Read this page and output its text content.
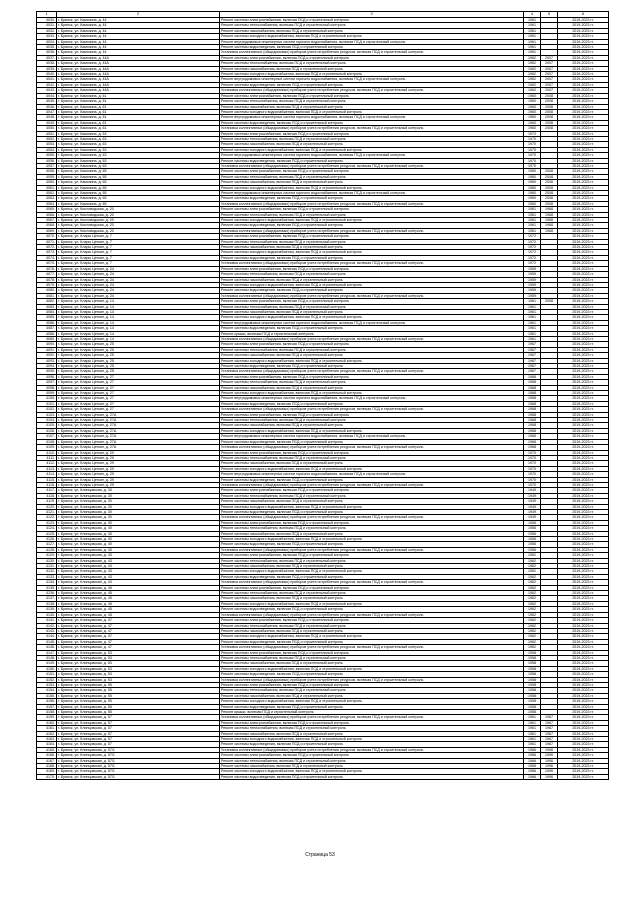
1	2	3	4	5	6
4030.	г. Брянск, ул. Камозина, д. 44	Ремонт системы электроснабжения, включая ПСД и строительный контроль	1961		2019-2023 гг.
4031.	г. Брянск, ул. Камозина, д. 44	Ремонт системы теплоснабжения, включая ПСД и строительный контроль	1961		2019-2023 гг.
4032.	г. Брянск, ул. Камозина, д. 44	Ремонт системы газоснабжения, включая ПСД и строительный контроль	1961		2019-2023 гг.
4033.	г. Брянск, ул. Камозина, д. 44	Ремонт системы холодного водоснабжения, включая ПСД и строительный контроль	1961		2019-2023 гг.
4034.	г. Брянск, ул. Камозина, д. 44	Ремонт внутридомовых инженерных систем горячего водоснабжения, включая ПСД и строительный контроль	1961		2019-2023 гг.
4035.	г. Брянск, ул. Камозина, д. 44	Ремонт системы водоотведения, включая ПСД и строительный контроль	1961		2019-2023 гг.
4036.	г. Брянск, ул. Камозина, д. 44	Установка коллективных (общедомовых) приборов учета потребления ресурсов, включая ПСД и строительный контроль	1961		2019-2023 гг.
4037.	г. Брянск, ул. Камозина, д. 44А	Ремонт системы электроснабжения, включая ПСД и строительный контроль	1962	2007	2019-2023 гг.
4038.	г. Брянск, ул. Камозина, д. 44А	Ремонт системы теплоснабжения, включая ПСД и строительный контроль	1962	2007	2019-2023 гг.
4039.	г. Брянск, ул. Камозина, д. 44А	Ремонт системы газоснабжения, включая ПСД и строительный контроль	1962	2007	2019-2023 гг.
4040.	г. Брянск, ул. Камозина, д. 44А	Ремонт системы холодного водоснабжения, включая ПСД и строительный контроль	1962	2007	2019-2023 гг.
4041.	г. Брянск, ул. Камозина, д. 44А	Ремонт внутридомовых инженерных систем горячего водоснабжения, включая ПСД и строительный контроль	1962	2007	2019-2023 гг.
4042.	г. Брянск, ул. Камозина, д. 44А	Ремонт системы водоотведения, включая ПСД и строительный контроль	1962	2007	2019-2023 гг.
4043.	г. Брянск, ул. Камозина, д. 44А	Установка коллективных (общедомовых) приборов учета потребления ресурсов, включая ПСД и строительный контроль	1962	2007	2019-2023 гг.
4044.	г. Брянск, ул. Камозина, д. 61	Ремонт системы электроснабжения, включая ПСД и строительный контроль	1960	2008	2019-2023 гг.
4045.	г. Брянск, ул. Камозина, д. 61	Ремонт системы теплоснабжения, включая ПСД и строительный контроль	1960	2008	2019-2023 гг.
4046.	г. Брянск, ул. Камозина, д. 61	Ремонт системы газоснабжения, включая ПСД и строительный контроль	1960	2008	2019-2023 гг.
4047.	г. Брянск, ул. Камозина, д. 61	Ремонт системы холодного водоснабжения, включая ПСД и строительный контроль	1960	2008	2019-2023 гг.
4048.	г. Брянск, ул. Камозина, д. 61	Ремонт внутридомовых инженерных систем горячего водоснабжения, включая ПСД и строительный контроль	1960	2008	2019-2023 гг.
4049.	г. Брянск, ул. Камозина, д. 61	Ремонт системы водоотведения, включая ПСД и строительный контроль	1960	2008	2019-2023 гг.
4050.	г. Брянск, ул. Камозина, д. 61	Установка коллективных (общедомовых) приборов учета потребления ресурсов, включая ПСД и строительный контроль	1960	2008	2019-2023 гг.
4051.	г. Брянск, ул. Камозина, д. 63	Ремонт системы электроснабжения, включая ПСД и строительный контроль	1970		2019-2023 гг.
4052.	г. Брянск, ул. Камозина, д. 63	Ремонт системы теплоснабжения, включая ПСД и строительный контроль	1970		2019-2023 гг.
4053.	г. Брянск, ул. Камозина, д. 63	Ремонт системы газоснабжения, включая ПСД и строительный контроль	1970		2019-2023 гг.
4054.	г. Брянск, ул. Камозина, д. 63	Ремонт системы холодного водоснабжения, включая ПСД и строительный контроль	1970		2019-2023 гг.
4055.	г. Брянск, ул. Камозина, д. 63	Ремонт внутридомовых инженерных систем горячего водоснабжения, включая ПСД и строительный контроль	1970		2019-2023 гг.
4056.	г. Брянск, ул. Камозина, д. 63	Ремонт системы водоотведения, включая ПСД и строительный контроль	1970		2019-2023 гг.
4057.	г. Брянск, ул. Камозина, д. 63	Установка коллективных (общедомовых) приборов учета потребления ресурсов, включая ПСД и строительный контроль	1970		2019-2023 гг.
4058.	г. Брянск, ул. Камозина, д. 65	Ремонт системы электроснабжения, включая ПСД и строительный контроль	1960	2008	2019-2023 гг.
4059.	г. Брянск, ул. Камозина, д. 65	Ремонт системы теплоснабжения, включая ПСД и строительный контроль	1960	2008	2019-2023 гг.
4060.	г. Брянск, ул. Камозина, д. 65	Ремонт системы газоснабжения, включая ПСД и строительный контроль	1960	2008	2019-2023 гг.
4061.	г. Брянск, ул. Камозина, д. 65	Ремонт системы холодного водоснабжения, включая ПСД и строительный контроль	1960	2008	2019-2023 гг.
4062.	г. Брянск, ул. Камозина, д. 65	Ремонт внутридомовых инженерных систем горячего водоснабжения, включая ПСД и строительный контроль	1960	2008	2019-2023 гг.
4063.	г. Брянск, ул. Камозина, д. 65	Ремонт системы водоотведения, включая ПСД и строительный контроль	1960	2008	2019-2023 гг.
4064.	г. Брянск, ул. Камозина, д. 65	Установка коллективных (общедомовых) приборов учета потребления ресурсов, включая ПСД и строительный контроль	1960	2008	2019-2023 гг.
4065.	г. Брянск, ул. Кисловодская, д. 20	Ремонт системы электроснабжения, включая ПСД и строительный контроль	1961	1968	2019-2023 гг.
4066.	г. Брянск, ул. Кисловодская, д. 20	Ремонт системы теплоснабжения, включая ПСД и строительный контроль	1961	1968	2019-2023 гг.
4067.	г. Брянск, ул. Кисловодская, д. 20	Ремонт системы холодного водоснабжения, включая ПСД и строительный контроль	1961	1968	2019-2023 гг.
4068.	г. Брянск, ул. Кисловодская, д. 20	Ремонт системы водоотведения, включая ПСД и строительный контроль	1961	1968	2019-2023 гг.
4069.	г. Брянск, ул. Кисловодская, д. 20	Установка коллективных (общедомовых) приборов учета потребления ресурсов, включая ПСД и строительный контроль	1961	1968	2019-2023 гг.
4070.	г. Брянск, ул. Клары Цеткин, д. 7	Ремонт системы электроснабжения, включая ПСД и строительный контроль	1972		2019-2023 гг.
4071.	г. Брянск, ул. Клары Цеткин, д. 7	Ремонт системы теплоснабжения, включая ПСД и строительный контроль	1972		2019-2023 гг.
4072.	г. Брянск, ул. Клары Цеткин, д. 7	Ремонт системы газоснабжения, включая ПСД и строительный контроль	1972		2019-2023 гг.
4073.	г. Брянск, ул. Клары Цеткин, д. 7	Ремонт системы холодного водоснабжения, включая ПСД и строительный контроль	1972		2019-2023 гг.
4074.	г. Брянск, ул. Клары Цеткин, д. 7	Ремонт системы водоотведения, включая ПСД и строительный контроль	1972		2019-2023 гг.
4075.	г. Брянск, ул. Клары Цеткин, д. 7	Установка коллективных (общедомовых) приборов учета потребления ресурсов, включая ПСД и строительный контроль	1972		2019-2023 гг.
4076.	г. Брянск, ул. Клары Цеткин, д. 24	Ремонт системы электроснабжения, включая ПСД и строительный контроль	1959		2019-2023 гг.
4077.	г. Брянск, ул. Клары Цеткин, д. 24	Ремонт системы теплоснабжения, включая ПСД и строительный контроль	1959		2019-2023 гг.
4078.	г. Брянск, ул. Клары Цеткин, д. 24	Ремонт системы газоснабжения, включая ПСД и строительный контроль	1959		2019-2023 гг.
4079.	г. Брянск, ул. Клары Цеткин, д. 24	Ремонт системы холодного водоснабжения, включая ПСД и строительный контроль	1959		2019-2023 гг.
4080.	г. Брянск, ул. Клары Цеткин, д. 24	Ремонт системы водоотведения, включая ПСД и строительный контроль	1959		2019-2023 гг.
4081.	г. Брянск, ул. Клары Цеткин, д. 24	Установка коллективных (общедомовых) приборов учета потребления ресурсов, включая ПСД и строительный контроль	1959		2019-2023 гг.
4082.	г. Брянск, ул. Клары Цеткин, д. 14	Ремонт системы электроснабжения, включая ПСД и строительный контроль	1961	2008	2019-2023 гг.
4083.	г. Брянск, ул. Клары Цеткин, д. 14	Ремонт системы теплоснабжения, включая ПСД и строительный контроль	1961		2019-2023 гг.
4084.	г. Брянск, ул. Клары Цеткин, д. 14	Ремонт системы газоснабжения, включая ПСД и строительный контроль	1961		2019-2023 гг.
4085.	г. Брянск, ул. Клары Цеткин, д. 14	Ремонт системы холодного водоснабжения, включая ПСД и строительный контроль	1961		2019-2023 гг.
4086.	г. Брянск, ул. Клары Цеткин, д. 14	Ремонт внутридомовых инженерных систем горячего водоснабжения, включая ПСД и строительный контроль	1961		2019-2023 гг.
4087.	г. Брянск, ул. Клары Цеткин, д. 14	Ремонт системы водоотведения, включая ПСД и строительный контроль	1961		2019-2023 гг.
4088.	г. Брянск, ул. Клары Цеткин, д. 14	Ремонт крыши, включая ПСД и строительный контроль	1961		2019-2023 гг.
4089.	г. Брянск, ул. Клары Цеткин, д. 14	Установка коллективных (общедомовых) приборов учета потребления ресурсов, включая ПСД и строительный контроль	1961		2019-2023 гг.
4090.	г. Брянск, ул. Клары Цеткин, д. 25	Ремонт системы электроснабжения, включая ПСД и строительный контроль	1967		2019-2023 гг.
4091.	г. Брянск, ул. Клары Цеткин, д. 25	Ремонт системы теплоснабжения, включая ПСД и строительный контроль	1967		2019-2023 гг.
4092.	г. Брянск, ул. Клары Цеткин, д. 25	Ремонт системы газоснабжения, включая ПСД и строительный контроль	1967		2019-2023 гг.
4093.	г. Брянск, ул. Клары Цеткин, д. 25	Ремонт системы холодного водоснабжения, включая ПСД и строительный контроль	1967		2019-2023 гг.
4094.	г. Брянск, ул. Клары Цеткин, д. 25	Ремонт системы водоотведения, включая ПСД и строительный контроль	1967		2019-2023 гг.
4095.	г. Брянск, ул. Клары Цеткин, д. 25	Установка коллективных (общедомовых) приборов учета потребления ресурсов, включая ПСД и строительный контроль	1967		2019-2023 гг.
4096.	г. Брянск, ул. Клары Цеткин, д. 27	Ремонт системы электроснабжения, включая ПСД и строительный контроль	1968		2019-2023 гг.
4097.	г. Брянск, ул. Клары Цеткин, д. 27	Ремонт системы теплоснабжения, включая ПСД и строительный контроль	1968		2019-2023 гг.
4098.	г. Брянск, ул. Клары Цеткин, д. 27	Ремонт системы газоснабжения, включая ПСД и строительный контроль	1968		2019-2023 гг.
4099.	г. Брянск, ул. Клары Цеткин, д. 27	Ремонт системы холодного водоснабжения, включая ПСД и строительный контроль	1968		2019-2023 гг.
4100.	г. Брянск, ул. Клары Цеткин, д. 27	Ремонт внутридомовых инженерных систем горячего водоснабжения, включая ПСД и строительный контроль	1968		2019-2023 гг.
4101.	г. Брянск, ул. Клары Цеткин, д. 27	Ремонт системы водоотведения, включая ПСД и строительный контроль	1968		2019-2023 гг.
4102.	г. Брянск, ул. Клары Цеткин, д. 27	Установка коллективных (общедомовых) приборов учета потребления ресурсов, включая ПСД и строительный контроль	1968		2019-2023 гг.
4103.	г. Брянск, ул. Клары Цеткин, д. 27А	Ремонт системы электроснабжения, включая ПСД и строительный контроль	1968		2019-2023 гг.
4104.	г. Брянск, ул. Клары Цеткин, д. 27А	Ремонт системы теплоснабжения, включая ПСД и строительный контроль	1968		2019-2023 гг.
4105.	г. Брянск, ул. Клары Цеткин, д. 27А	Ремонт системы газоснабжения, включая ПСД и строительный контроль	1968		2019-2023 гг.
4106.	г. Брянск, ул. Клары Цеткин, д. 27А	Ремонт системы холодного водоснабжения, включая ПСД и строительный контроль	1968		2019-2023 гг.
4107.	г. Брянск, ул. Клары Цеткин, д. 27А	Ремонт внутридомовых инженерных систем горячего водоснабжения, включая ПСД и строительный контроль	1968		2019-2023 гг.
4108.	г. Брянск, ул. Клары Цеткин, д. 27А	Ремонт системы водоотведения, включая ПСД и строительный контроль	1968		2019-2023 гг.
4109.	г. Брянск, ул. Клары Цеткин, д. 27А	Установка коллективных (общедомовых) приборов учета потребления ресурсов, включая ПСД и строительный контроль	1968		2019-2023 гг.
4110.	г. Брянск, ул. Клары Цеткин, д. 29	Ремонт системы электроснабжения, включая ПСД и строительный контроль	1970		2019-2023 гг.
4111.	г. Брянск, ул. Клары Цеткин, д. 29	Ремонт системы теплоснабжения, включая ПСД и строительный контроль	1970		2019-2023 гг.
4112.	г. Брянск, ул. Клары Цеткин, д. 29	Ремонт системы газоснабжения, включая ПСД и строительный контроль	1970		2019-2023 гг.
4113.	г. Брянск, ул. Клары Цеткин, д. 29	Ремонт системы холодного водоснабжения, включая ПСД и строительный контроль	1970		2019-2023 гг.
4114.	г. Брянск, ул. Клары Цеткин, д. 29	Ремонт внутридомовых инженерных систем горячего водоснабжения, включая ПСД и строительный контроль	1970		2019-2023 гг.
4115.	г. Брянск, ул. Клары Цеткин, д. 29	Ремонт системы водоотведения, включая ПСД и строительный контроль	1970		2019-2023 гг.
4116.	г. Брянск, ул. Клары Цеткин, д. 29	Установка коллективных (общедомовых) приборов учета потребления ресурсов, включая ПСД и строительный контроль	1970		2019-2023 гг.
4117.	г. Брянск, ул. Клинцовская, д. 30	Ремонт системы электроснабжения, включая ПСД и строительный контроль	1949		2019-2023 гг.
4118.	г. Брянск, ул. Клинцовская, д. 30	Ремонт системы теплоснабжения, включая ПСД и строительный контроль	1949		2019-2023 гг.
4119.	г. Брянск, ул. Клинцовская, д. 30	Ремонт системы газоснабжения, включая ПСД и строительный контроль	1949		2019-2023 гг.
4120.	г. Брянск, ул. Клинцовская, д. 30	Ремонт системы холодного водоснабжения, включая ПСД и строительный контроль	1949		2019-2023 гг.
4121.	г. Брянск, ул. Клинцовская, д. 30	Ремонт системы водоотведения, включая ПСД и строительный контроль	1949		2019-2023 гг.
4122.	г. Брянск, ул. Клинцовская, д. 30	Установка коллективных (общедомовых) приборов учета потребления ресурсов, включая ПСД и строительный контроль	1949		2019-2023 гг.
4123.	г. Брянск, ул. Клинцовская, д. 40	Ремонт системы электроснабжения, включая ПСД и строительный контроль	1956		2019-2023 гг.
4124.	г. Брянск, ул. Клинцовская, д. 40	Ремонт системы теплоснабжения, включая ПСД и строительный контроль	1956		2019-2023 гг.
4125.	г. Брянск, ул. Клинцовская, д. 40	Ремонт системы газоснабжения, включая ПСД и строительный контроль	1956		2019-2023 гг.
4126.	г. Брянск, ул. Клинцовская, д. 40	Ремонт системы холодного водоснабжения, включая ПСД и строительный контроль	1956		2019-2023 гг.
4127.	г. Брянск, ул. Клинцовская, д. 40	Ремонт системы водоотведения, включая ПСД и строительный контроль	1956		2019-2023 гг.
4128.	г. Брянск, ул. Клинцовская, д. 40	Установка коллективных (общедомовых) приборов учета потребления ресурсов, включая ПСД и строительный контроль	1956		2019-2023 гг.
4129.	г. Брянск, ул. Клинцовская, д. 43	Ремонт системы электроснабжения, включая ПСД и строительный контроль	1962		2019-2023 гг.
4130.	г. Брянск, ул. Клинцовская, д. 43	Ремонт системы теплоснабжения, включая ПСД и строительный контроль	1962		2019-2023 гг.
4131.	г. Брянск, ул. Клинцовская, д. 43	Ремонт системы газоснабжения, включая ПСД и строительный контроль	1962		2019-2023 гг.
4132.	г. Брянск, ул. Клинцовская, д. 43	Ремонт системы холодного водоснабжения, включая ПСД и строительный контроль	1962		2019-2023 гг.
4133.	г. Брянск, ул. Клинцовская, д. 43	Ремонт системы водоотведения, включая ПСД и строительный контроль	1962		2019-2023 гг.
4134.	г. Брянск, ул. Клинцовская, д. 43	Установка коллективных (общедомовых) приборов учета потребления ресурсов, включая ПСД и строительный контроль	1962		2019-2023 гг.
4135.	г. Брянск, ул. Клинцовская, д. 45	Ремонт системы электроснабжения, включая ПСД и строительный контроль	1962		2019-2023 гг.
4136.	г. Брянск, ул. Клинцовская, д. 45	Ремонт системы теплоснабжения, включая ПСД и строительный контроль	1962		2019-2023 гг.
4137.	г. Брянск, ул. Клинцовская, д. 45	Ремонт системы газоснабжения, включая ПСД и строительный контроль	1962		2019-2023 гг.
4138.	г. Брянск, ул. Клинцовская, д. 45	Ремонт системы холодного водоснабжения, включая ПСД и строительный контроль	1962		2019-2023 гг.
4139.	г. Брянск, ул. Клинцовская, д. 45	Ремонт системы водоотведения, включая ПСД и строительный контроль	1962		2019-2023 гг.
4140.	г. Брянск, ул. Клинцовская, д. 45	Установка коллективных (общедомовых) приборов учета потребления ресурсов, включая ПСД и строительный контроль	1962		2019-2023 гг.
4141.	г. Брянск, ул. Клинцовская, д. 47	Ремонт системы электроснабжения, включая ПСД и строительный контроль	1962		2019-2023 гг.
4142.	г. Брянск, ул. Клинцовская, д. 47	Ремонт системы теплоснабжения, включая ПСД и строительный контроль	1962		2019-2023 гг.
4143.	г. Брянск, ул. Клинцовская, д. 47	Ремонт системы газоснабжения, включая ПСД и строительный контроль	1962		2019-2023 гг.
4144.	г. Брянск, ул. Клинцовская, д. 47	Ремонт системы холодного водоснабжения, включая ПСД и строительный контроль	1962		2019-2023 гг.
4145.	г. Брянск, ул. Клинцовская, д. 47	Ремонт системы водоотведения, включая ПСД и строительный контроль	1962		2019-2023 гг.
4146.	г. Брянск, ул. Клинцовская, д. 47	Установка коллективных (общедомовых) приборов учета потребления ресурсов, включая ПСД и строительный контроль	1962		2019-2023 гг.
4147.	г. Брянск, ул. Клинцовская, д. 53	Ремонт системы электроснабжения, включая ПСД и строительный контроль	1958		2019-2023 гг.
4148.	г. Брянск, ул. Клинцовская, д. 53	Ремонт системы теплоснабжения, включая ПСД и строительный контроль	1958		2019-2023 гг.
4149.	г. Брянск, ул. Клинцовская, д. 53	Ремонт системы газоснабжения, включая ПСД и строительный контроль	1958		2019-2023 гг.
4150.	г. Брянск, ул. Клинцовская, д. 53	Ремонт системы холодного водоснабжения, включая ПСД и строительный контроль	1958		2019-2023 гг.
4151.	г. Брянск, ул. Клинцовская, д. 53	Ремонт системы водоотведения, включая ПСД и строительный контроль	1958		2019-2023 гг.
4152.	г. Брянск, ул. Клинцовская, д. 53	Установка коллективных (общедомовых) приборов учета потребления ресурсов, включая ПСД и строительный контроль	1958		2019-2023 гг.
4153.	г. Брянск, ул. Клинцовская, д. 55	Ремонт системы электроснабжения, включая ПСД и строительный контроль	1958		2019-2023 гг.
4154.	г. Брянск, ул. Клинцовская, д. 55	Ремонт системы теплоснабжения, включая ПСД и строительный контроль	1958		2019-2023 гг.
4155.	г. Брянск, ул. Клинцовская, д. 55	Ремонт системы газоснабжения, включая ПСД и строительный контроль	1958		2019-2023 гг.
4156.	г. Брянск, ул. Клинцовская, д. 55	Ремонт системы холодного водоснабжения, включая ПСД и строительный контроль	1958		2019-2023 гг.
4157.	г. Брянск, ул. Клинцовская, д. 55	Ремонт системы водоотведения, включая ПСД и строительный контроль	1958		2019-2023 гг.
4158.	г. Брянск, ул. Клинцовская, д. 55	Ремонт крыши, включая ПСД и строительный контроль	1958		2019-2023 гг.
4159.	г. Брянск, ул. Клинцовская, д. 57	Установка коллективных (общедомовых) приборов учета потребления ресурсов, включая ПСД и строительный контроль	1961	1967	2019-2023 гг.
4160.	г. Брянск, ул. Клинцовская, д. 57	Ремонт системы электроснабжения, включая ПСД и строительный контроль	1961	1967	2019-2023 гг.
4161.	г. Брянск, ул. Клинцовская, д. 57	Ремонт системы теплоснабжения, включая ПСД и строительный контроль	1961	1967	2019-2023 гг.
4162.	г. Брянск, ул. Клинцовская, д. 57	Ремонт системы газоснабжения, включая ПСД и строительный контроль	1961	1967	2019-2023 гг.
4163.	г. Брянск, ул. Клинцовская, д. 57	Ремонт системы холодного водоснабжения, включая ПСД и строительный контроль	1961	1967	2019-2023 гг.
4164.	г. Брянск, ул. Клинцовская, д. 57	Ремонт системы водоотведения, включая ПСД и строительный контроль	1961	1967	2019-2023 гг.
4165.	г. Брянск, ул. Клинцовская, д. 57/1	Установка коллективных (общедомовых) приборов учета потребления ресурсов, включая ПСД и строительный контроль	1966	1996	2019-2023 гг.
4166.	г. Брянск, ул. Клинцовская, д. 57/1	Ремонт системы электроснабжения, включая ПСД и строительный контроль	1966	1996	2019-2023 гг.
4167.	г. Брянск, ул. Клинцовская, д. 57/1	Ремонт системы теплоснабжения, включая ПСД и строительный контроль	1966	1996	2019-2023 гг.
4168.	г. Брянск, ул. Клинцовская, д. 57/1	Ремонт системы газоснабжения, включая ПСД и строительный контроль	1966	1996	2019-2023 гг.
4169.	г. Брянск, ул. Клинцовская, д. 57/1	Ремонт системы холодного водоснабжения, включая ПСД и строительный контроль	1966	1996	2019-2023 гг.
4170.	г. Брянск, ул. Клинцовская, д. 57/1	Ремонт системы водоотведения, включая ПСД и строительный контроль	1966	1996	2019-2023 гг.
Страница 53
